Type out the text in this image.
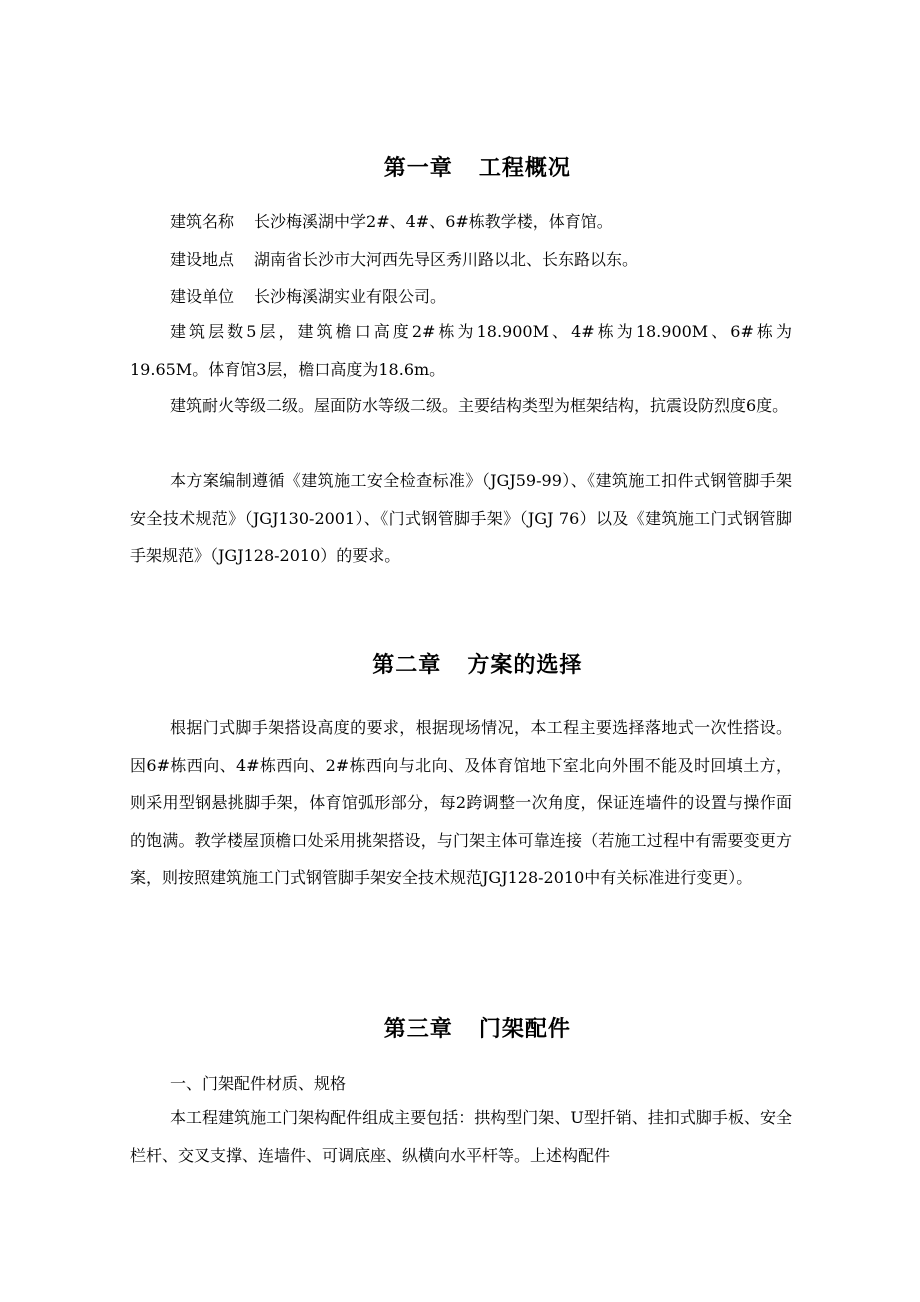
第一章 工程概况

建筑名称 长沙梅溪湖中学2#、4#、6#栋教学楼，体育馆。

建设地点 湖南省长沙市大河西先导区秀川路以北、长东路以东。

建设单位 长沙梅溪湖实业有限公司。

建筑层数5层，建筑檐口高度2#栋为18.900M、4#栋为18.900M、6#栋为19.65M。体育馆3层，檐口高度为18.6m。

建筑耐火等级二级。屋面防水等级二级。主要结构类型为框架结构，抗震设防烈度6度。

本方案编制遵循《建筑施工安全检查标准》（JGJ59-99）、《建筑施工扣件式钢管脚手架安全技术规范》（JGJ130-2001）、《门式钢管脚手架》（JGJ 76）以及《建筑施工门式钢管脚手架规范》（JGJ128-2010）的要求。

第二章 方案的选择

根据门式脚手架搭设高度的要求，根据现场情况，本工程主要选择落地式一次性搭设。因6#栋西向、4#栋西向、2#栋西向与北向、及体育馆地下室北向外围不能及时回填土方，则采用型钢悬挑脚手架，体育馆弧形部分，每2跨调整一次角度，保证连墙件的设置与操作面的饱满。教学楼屋顶檐口处采用挑架搭设，与门架主体可靠连接（若施工过程中有需要变更方案，则按照建筑施工门式钢管脚手架安全技术规范JGJ128-2010中有关标准进行变更）。

第三章 门架配件

一、门架配件材质、规格

本工程建筑施工门架构配件组成主要包括：拱构型门架、U型扦销、挂扣式脚手板、安全栏杆、交叉支撑、连墙件、可调底座、纵横向水平杆等。上述构配件
